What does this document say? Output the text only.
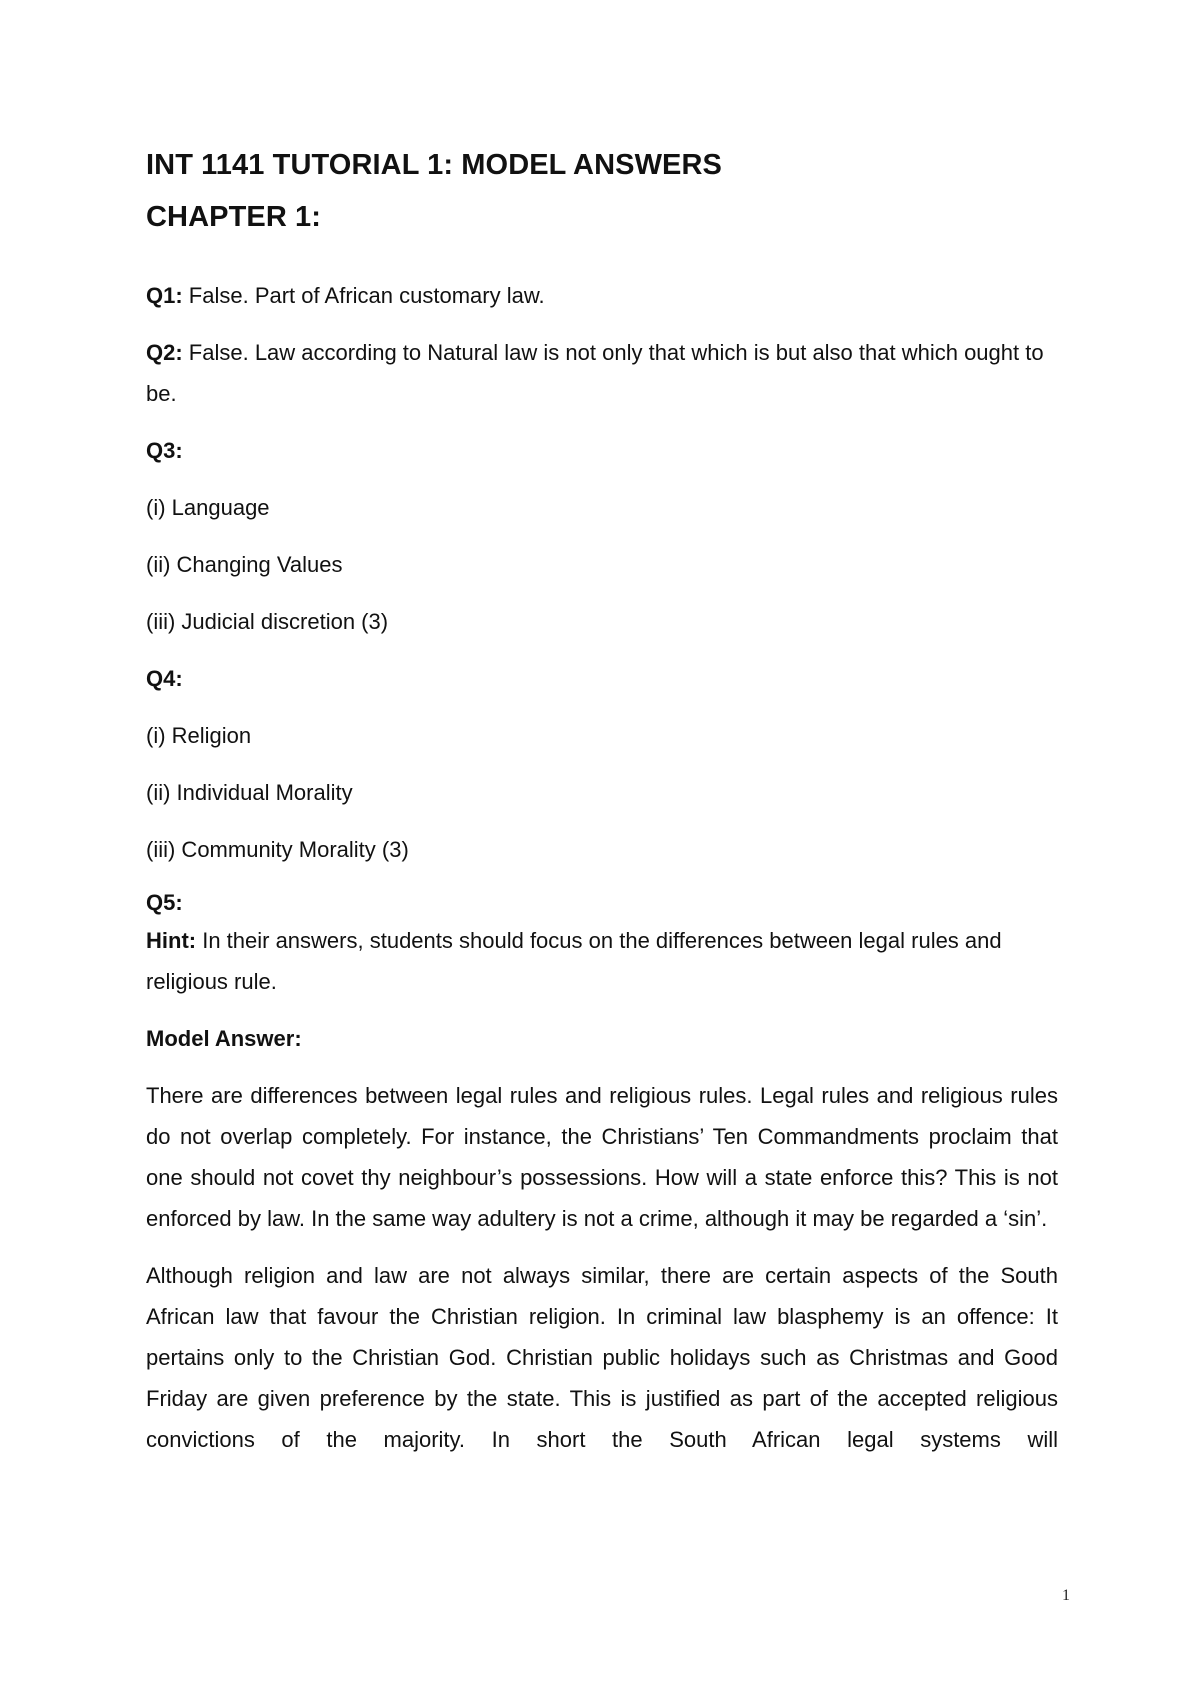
INT 1141 TUTORIAL 1: MODEL ANSWERS
CHAPTER 1:

Q1: False. Part of African customary law.

Q2: False. Law according to Natural law is not only that which is but also that which ought to be.

Q3:

(i) Language

(ii) Changing Values

(iii) Judicial discretion (3)

Q4:

(i) Religion

(ii) Individual Morality

(iii) Community Morality (3)

Q5:

Hint: In their answers, students should focus on the differences between legal rules and religious rule.

Model Answer:

There are differences between legal rules and religious rules. Legal rules and religious rules do not overlap completely. For instance, the Christians’ Ten Commandments proclaim that one should not covet thy neighbour’s possessions. How will a state enforce this? This is not enforced by law. In the same way adultery is not a crime, although it may be regarded a ‘sin’.

Although religion and law are not always similar, there are certain aspects of the South African law that favour the Christian religion. In criminal law blasphemy is an offence: It pertains only to the Christian God. Christian public holidays such as Christmas and Good Friday are given preference by the state. This is justified as part of the accepted religious convictions of the majority. In short the South African legal systems will

1
